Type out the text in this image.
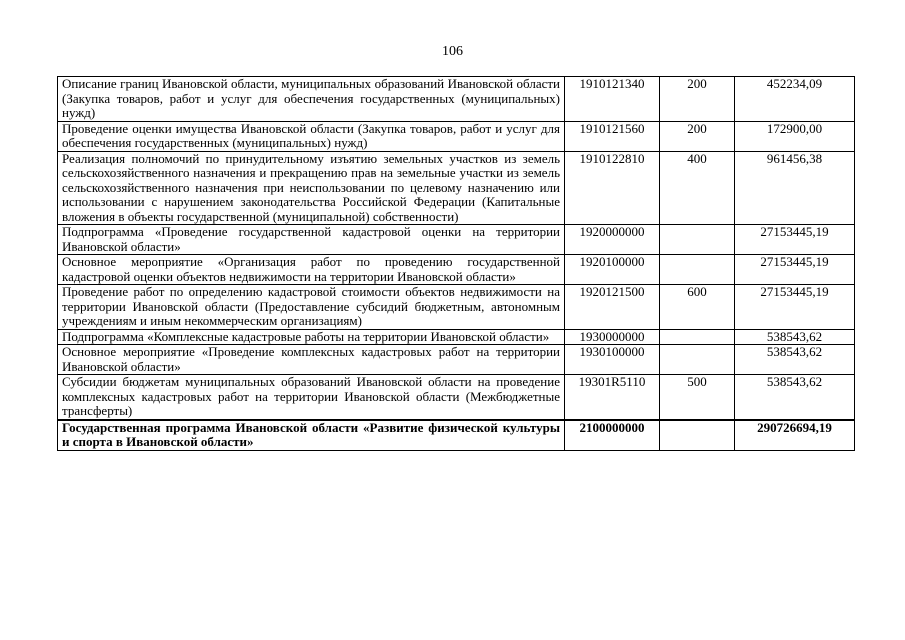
106
Описание границ Ивановской области, муниципальных образований Ивановской области (Закупка товаров, работ и услуг для обеспечения государственных (муниципальных) нужд)	1910121340	200	452234,09
Проведение оценки имущества Ивановской области (Закупка товаров, работ и услуг для обеспечения государственных (муниципальных) нужд)	1910121560	200	172900,00
Реализация полномочий по принудительному изъятию земельных участков из земель сельскохозяйственного назначения и прекращению прав на земельные участки из земель сельскохозяйственного назначения при неиспользовании по целевому назначению или использовании с нарушением законодательства Российской Федерации (Капитальные вложения в объекты государственной (муниципальной) собственности)	1910122810	400	961456,38
Подпрограмма «Проведение государственной кадастровой оценки на территории Ивановской области»	1920000000		27153445,19
Основное мероприятие «Организация работ по проведению государственной кадастровой оценки объектов недвижимости на территории Ивановской области»	1920100000		27153445,19
Проведение работ по определению кадастровой стоимости объектов недвижимости на территории Ивановской области (Предоставление субсидий бюджетным, автономным учреждениям и иным некоммерческим организациям)	1920121500	600	27153445,19
Подпрограмма «Комплексные кадастровые работы на территории Ивановской области»	1930000000		538543,62
Основное мероприятие «Проведение комплексных кадастровых работ на территории Ивановской области»	1930100000		538543,62
Субсидии бюджетам муниципальных образований Ивановской области на проведение комплексных кадастровых работ на территории Ивановской области (Межбюджетные трансферты)	19301R5110	500	538543,62
Государственная программа Ивановской области «Развитие физической культуры и спорта в Ивановской области»	2100000000		290726694,19
